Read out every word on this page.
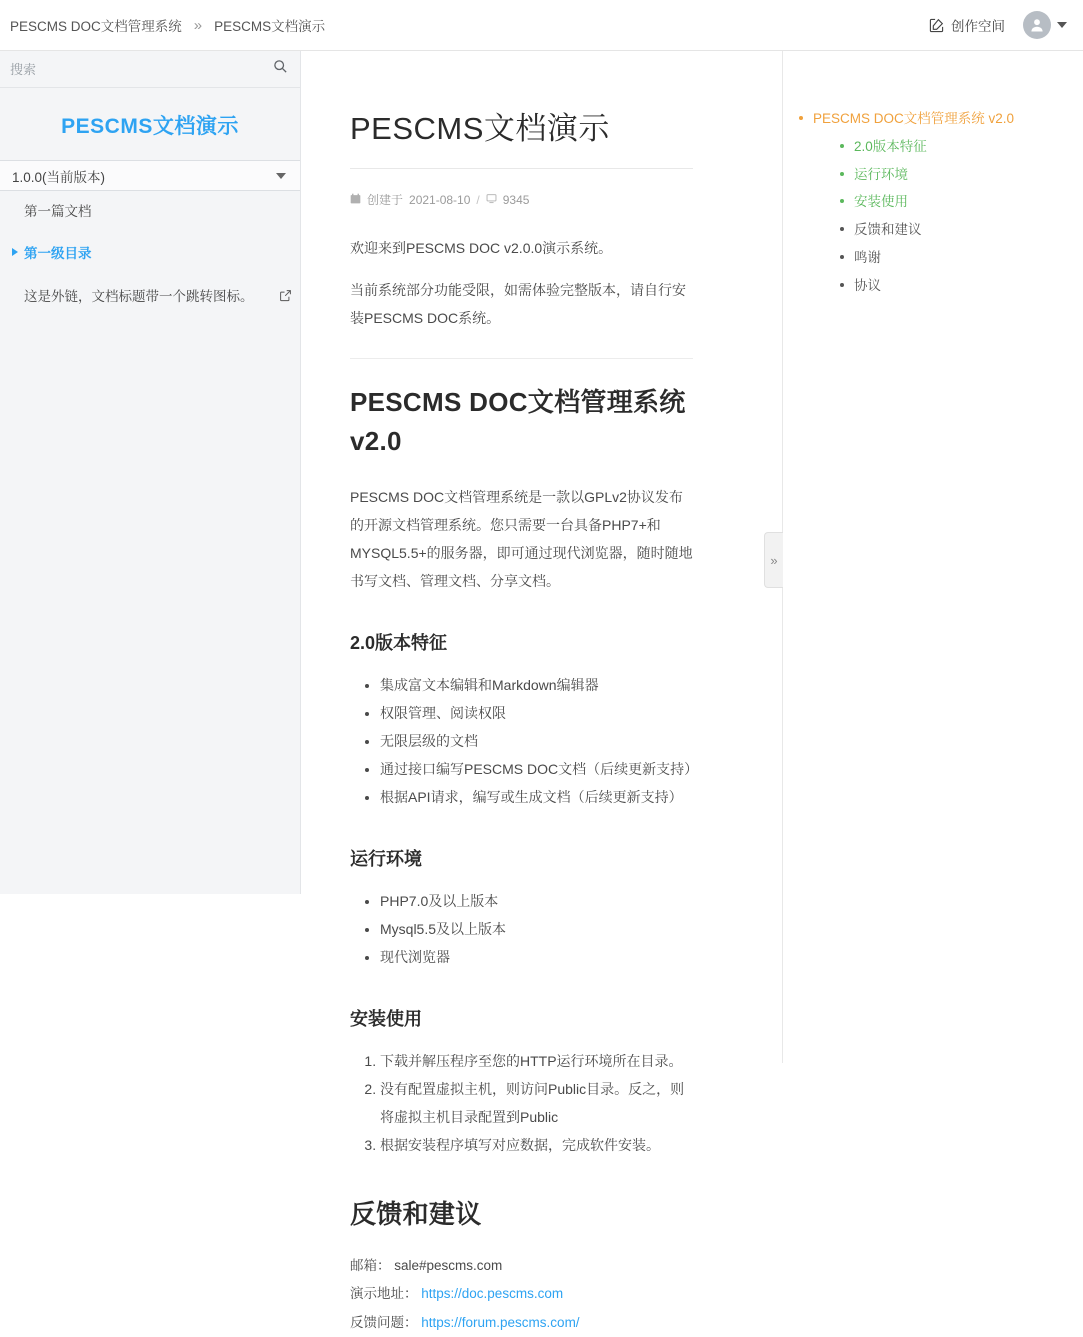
PESCMS DOC文档管理系统 » PESCMS文档演示	创作空间
搜索
PESCMS文档演示
1.0.0(当前版本)
第一篇文档
第一级目录
这是外链，文档标题带一个跳转图标。
PESCMS文档演示
创建于 2021-08-10 / 9345

欢迎来到PESCMS DOC v2.0.0演示系统。

当前系统部分功能受限，如需体验完整版本，请自行安装PESCMS DOC系统。

PESCMS DOC文档管理系统 v2.0

PESCMS DOC文档管理系统是一款以GPLv2协议发布的开源文档管理系统。您只需要一台具备PHP7+和MYSQL5.5+的服务器，即可通过现代浏览器，随时随地书写文档、管理文档、分享文档。

2.0版本特征
• 集成富文本编辑和Markdown编辑器
• 权限管理、阅读权限
• 无限层级的文档
• 通过接口编写PESCMS DOC文档（后续更新支持）
• 根据API请求，编写或生成文档（后续更新支持）
运行环境
• PHP7.0及以上版本
• Mysql5.5及以上版本
• 现代浏览器
安装使用
1. 下载并解压程序至您的HTTP运行环境所在目录。
2. 没有配置虚拟主机，则访问Public目录。反之，则将虚拟主机目录配置到Public
3. 根据安装程序填写对应数据，完成软件安装。
反馈和建议
邮箱： sale#pescms.com
演示地址： https://doc.pescms.com
反馈问题： https://forum.pescms.com/
»
PESCMS DOC文档管理系统 v2.0
2.0版本特征
运行环境
安装使用
反馈和建议
鸣谢
协议
